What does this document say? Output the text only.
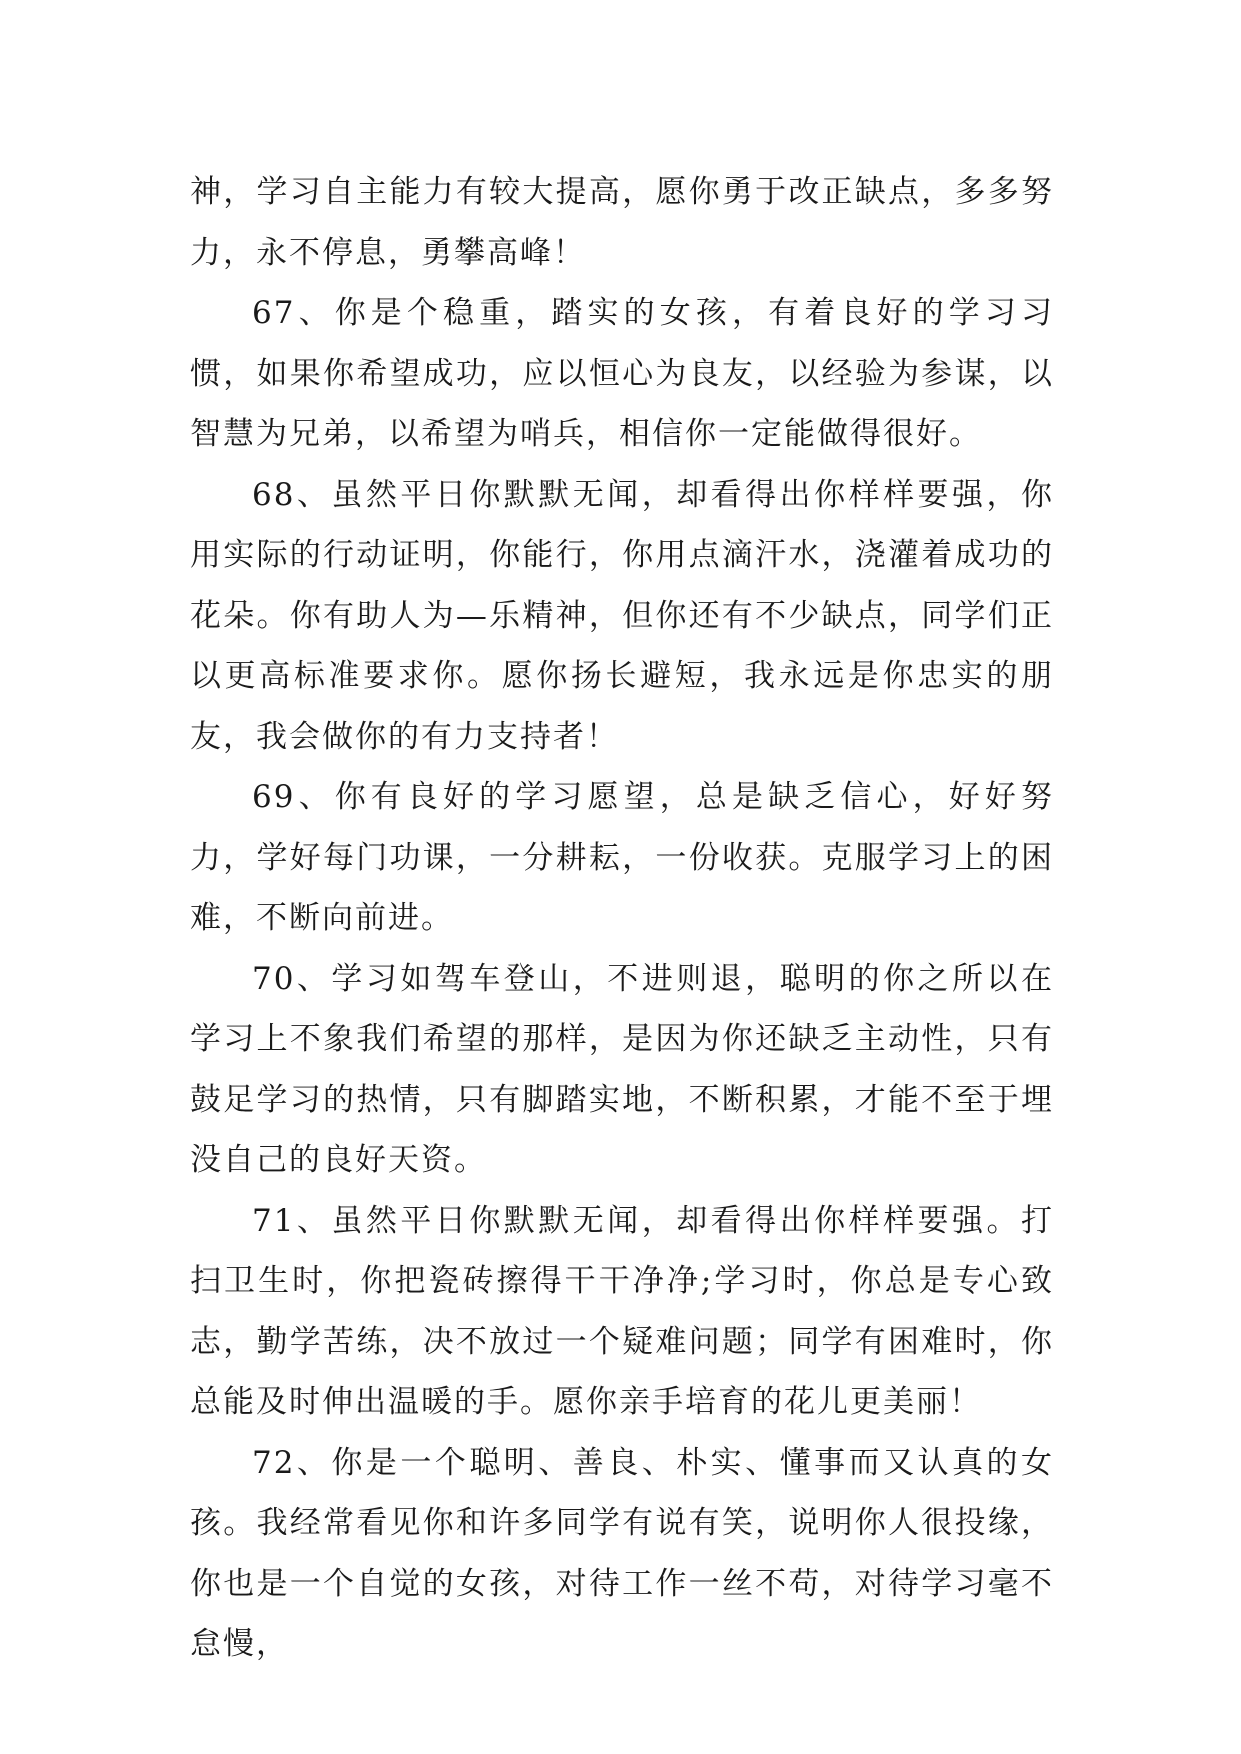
神，学习自主能力有较大提高，愿你勇于改正缺点，多多努力，永不停息，勇攀高峰！

67、你是个稳重，踏实的女孩，有着良好的学习习惯，如果你希望成功，应以恒心为良友，以经验为参谋，以智慧为兄弟，以希望为哨兵，相信你一定能做得很好。

68、虽然平日你默默无闻，却看得出你样样要强，你用实际的行动证明，你能行，你用点滴汗水，浇灌着成功的花朵。你有助人为—乐精神，但你还有不少缺点，同学们正以更高标准要求你。愿你扬长避短，我永远是你忠实的朋友，我会做你的有力支持者！

69、你有良好的学习愿望，总是缺乏信心，好好努力，学好每门功课，一分耕耘，一份收获。克服学习上的困难，不断向前进。

70、学习如驾车登山，不进则退，聪明的你之所以在学习上不象我们希望的那样，是因为你还缺乏主动性，只有鼓足学习的热情，只有脚踏实地，不断积累，才能不至于埋没自己的良好天资。

71、虽然平日你默默无闻，却看得出你样样要强。打扫卫生时，你把瓷砖擦得干干净净;学习时，你总是专心致志，勤学苦练，决不放过一个疑难问题；同学有困难时，你总能及时伸出温暖的手。愿你亲手培育的花儿更美丽！

72、你是一个聪明、善良、朴实、懂事而又认真的女孩。我经常看见你和许多同学有说有笑，说明你人很投缘，你也是一个自觉的女孩，对待工作一丝不苟，对待学习毫不怠慢，
